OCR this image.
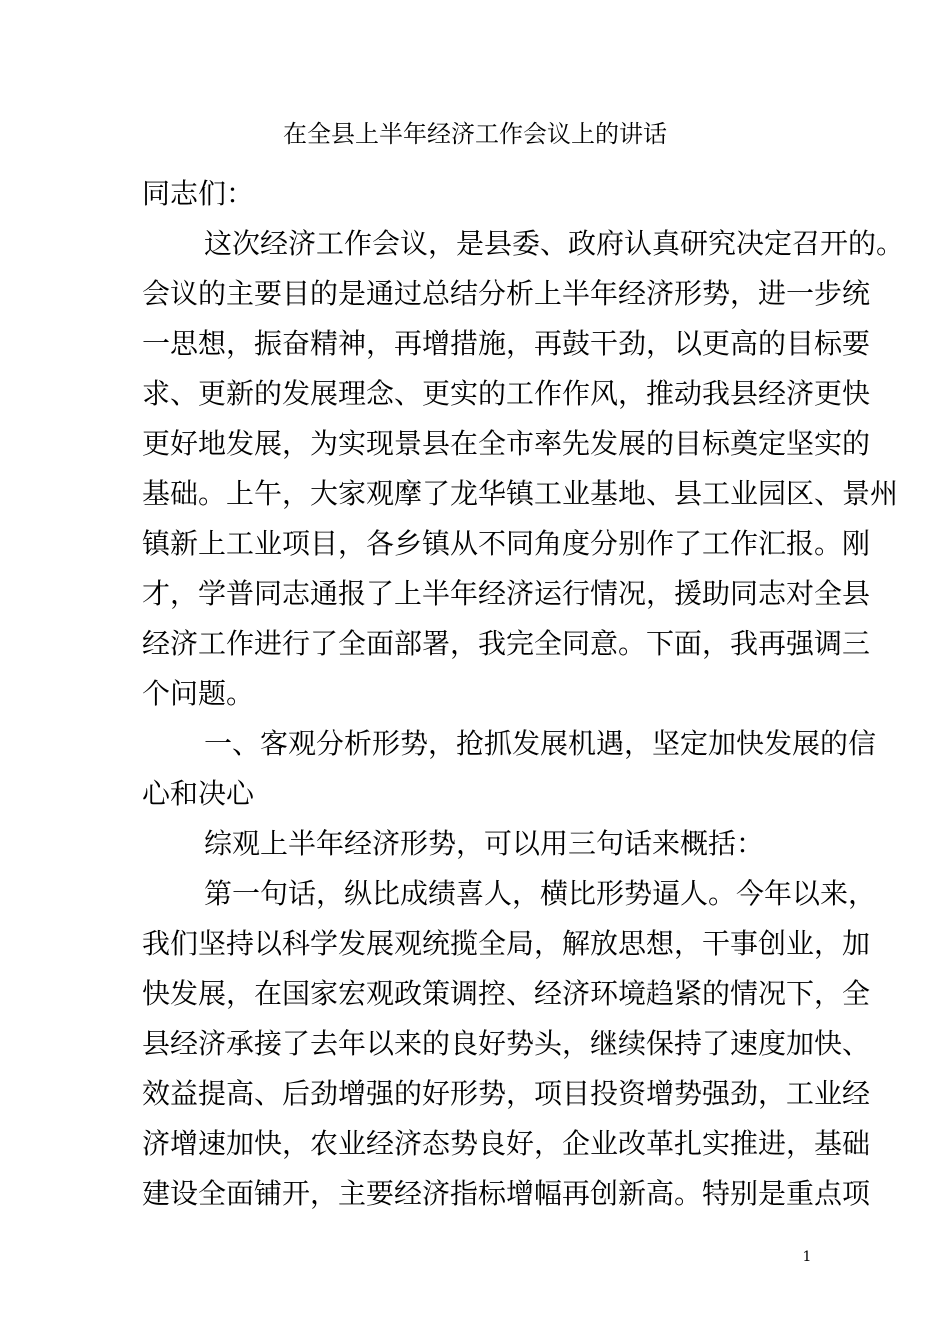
在全县上半年经济工作会议上的讲话
同志们：
这次经济工作会议，是县委、政府认真研究决定召开的。
会议的主要目的是通过总结分析上半年经济形势，进一步统
一思想，振奋精神，再增措施，再鼓干劲，以更高的目标要
求、更新的发展理念、更实的工作作风，推动我县经济更快
更好地发展，为实现景县在全市率先发展的目标奠定坚实的
基础。上午，大家观摩了龙华镇工业基地、县工业园区、景州
镇新上工业项目，各乡镇从不同角度分别作了工作汇报。刚
才，学普同志通报了上半年经济运行情况，援助同志对全县
经济工作进行了全面部署，我完全同意。下面，我再强调三
个问题。
一、客观分析形势，抢抓发展机遇，坚定加快发展的信
心和决心
综观上半年经济形势，可以用三句话来概括：
第一句话，纵比成绩喜人，横比形势逼人。今年以来，
我们坚持以科学发展观统揽全局，解放思想，干事创业，加
快发展，在国家宏观政策调控、经济环境趋紧的情况下，全
县经济承接了去年以来的良好势头，继续保持了速度加快、
效益提高、后劲增强的好形势，项目投资增势强劲，工业经
济增速加快，农业经济态势良好，企业改革扎实推进，基础
建设全面铺开，主要经济指标增幅再创新高。特别是重点项
1
